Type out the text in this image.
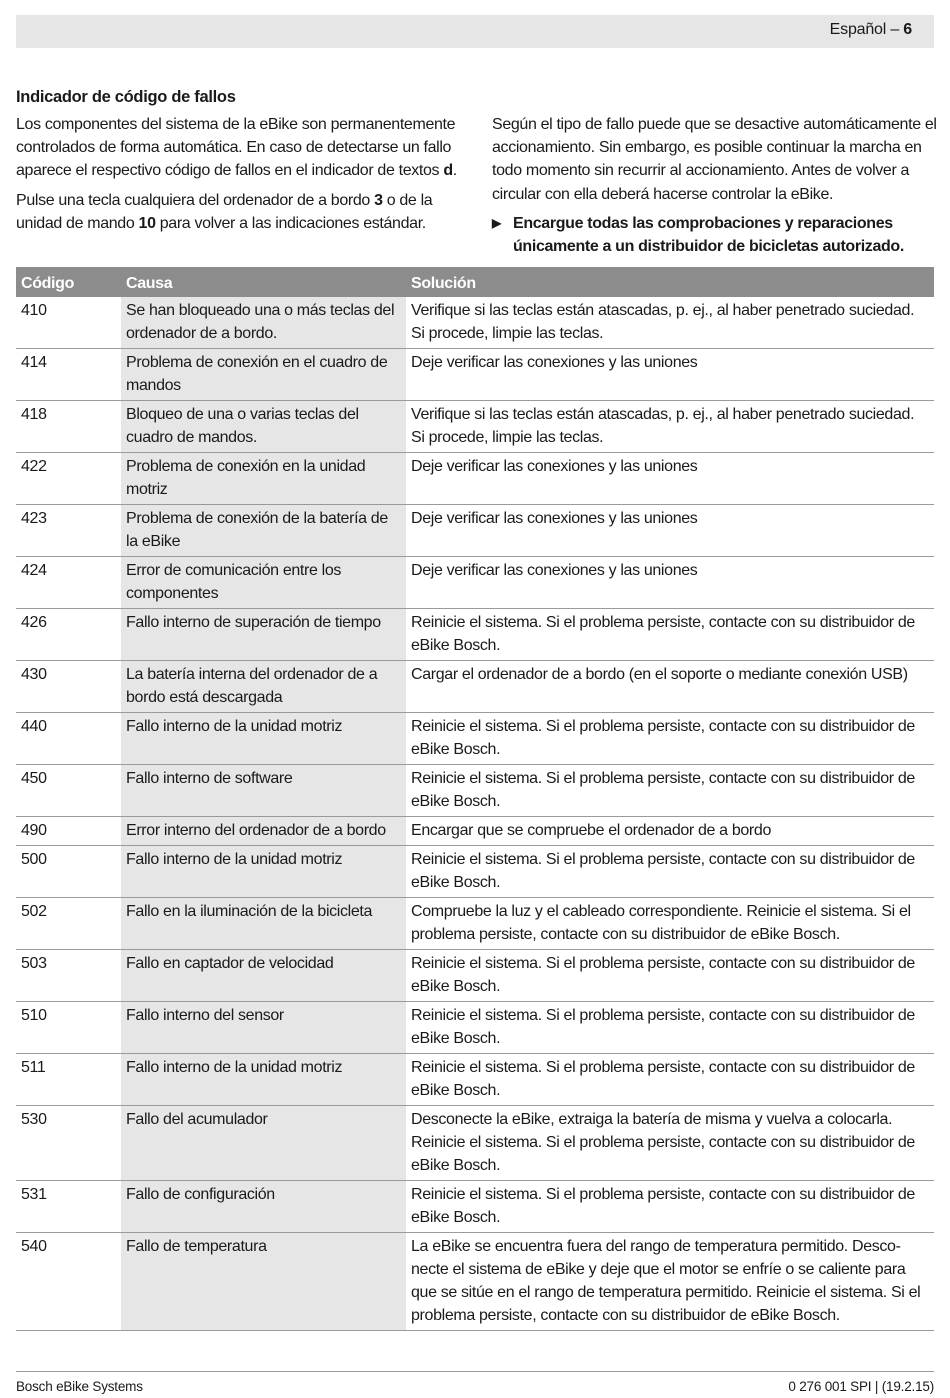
Español – 6
Indicador de código de fallos

Los componentes del sistema de la eBike son permanentemente controlados de forma automática. En caso de detectarse un fallo aparece el respectivo código de fallos en el indicador de textos d.

Pulse una tecla cualquiera del ordenador de a bordo 3 o de la unidad de mando 10 para volver a las indicaciones estándar.

Según el tipo de fallo puede que se desactive automáticamente el accionamiento. Sin embargo, es posible continuar la marcha en todo momento sin recurrir al accionamiento. Antes de volver a circular con ella deberá hacerse controlar la eBike.

▶ Encargue todas las comprobaciones y reparaciones únicamente a un distribuidor de bicicletas autorizado.
Código	Causa	Solución
410	Se han bloqueado una o más teclas del ordenador de a bordo.	Verifique si las teclas están atascadas, p. ej., al haber penetrado suciedad. Si procede, limpie las teclas.
414	Problema de conexión en el cuadro de mandos	Deje verificar las conexiones y las uniones
418	Bloqueo de una o varias teclas del cuadro de mandos.	Verifique si las teclas están atascadas, p. ej., al haber penetrado suciedad. Si procede, limpie las teclas.
422	Problema de conexión en la unidad motriz	Deje verificar las conexiones y las uniones
423	Problema de conexión de la batería de la eBike	Deje verificar las conexiones y las uniones
424	Error de comunicación entre los componentes	Deje verificar las conexiones y las uniones
426	Fallo interno de superación de tiempo	Reinicie el sistema. Si el problema persiste, contacte con su distribuidor de eBike Bosch.
430	La batería interna del ordenador de a bordo está descargada	Cargar el ordenador de a bordo (en el soporte o mediante conexión USB)
440	Fallo interno de la unidad motriz	Reinicie el sistema. Si el problema persiste, contacte con su distribuidor de eBike Bosch.
450	Fallo interno de software	Reinicie el sistema. Si el problema persiste, contacte con su distribuidor de eBike Bosch.
490	Error interno del ordenador de a bordo	Encargar que se compruebe el ordenador de a bordo
500	Fallo interno de la unidad motriz	Reinicie el sistema. Si el problema persiste, contacte con su distribuidor de eBike Bosch.
502	Fallo en la iluminación de la bicicleta	Compruebe la luz y el cableado correspondiente. Reinicie el sistema. Si el problema persiste, contacte con su distribuidor de eBike Bosch.
503	Fallo en captador de velocidad	Reinicie el sistema. Si el problema persiste, contacte con su distribuidor de eBike Bosch.
510	Fallo interno del sensor	Reinicie el sistema. Si el problema persiste, contacte con su distribuidor de eBike Bosch.
511	Fallo interno de la unidad motriz	Reinicie el sistema. Si el problema persiste, contacte con su distribuidor de eBike Bosch.
530	Fallo del acumulador	Desconecte la eBike, extraiga la batería de misma y vuelva a colocarla. Reinicie el sistema. Si el problema persiste, contacte con su distribuidor de eBike Bosch.
531	Fallo de configuración	Reinicie el sistema. Si el problema persiste, contacte con su distribuidor de eBike Bosch.
540	Fallo de temperatura	La eBike se encuentra fuera del rango de temperatura permitido. Desconecte el sistema de eBike y deje que el motor se enfríe o se caliente para que se sitúe en el rango de temperatura permitido. Reinicie el sistema. Si el problema persiste, contacte con su distribuidor de eBike Bosch.
Bosch eBike Systems	0 276 001 SPI | (19.2.15)
